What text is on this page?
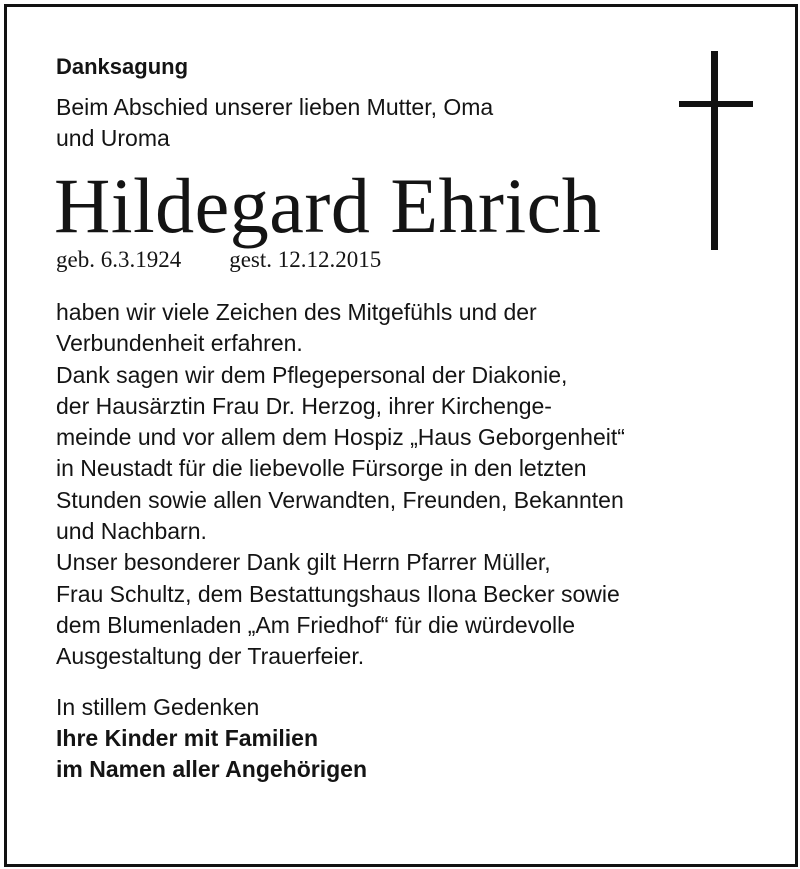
Danksagung
Beim Abschied unserer lieben Mutter, Oma
und Uroma
Hildegard Ehrich
geb. 6.3.1924 gest. 12.12.2015
haben wir viele Zeichen des Mitgefühls und der
Verbundenheit erfahren.
Dank sagen wir dem Pflegepersonal der Diakonie,
der Hausärztin Frau Dr. Herzog, ihrer Kirchenge-
meinde und vor allem dem Hospiz „Haus Geborgenheit“
in Neustadt für die liebevolle Fürsorge in den letzten
Stunden sowie allen Verwandten, Freunden, Bekannten
und Nachbarn.
Unser besonderer Dank gilt Herrn Pfarrer Müller,
Frau Schultz, dem Bestattungshaus Ilona Becker sowie
dem Blumenladen „Am Friedhof“ für die würdevolle
Ausgestaltung der Trauerfeier.
In stillem Gedenken
Ihre Kinder mit Familien
im Namen aller Angehörigen
